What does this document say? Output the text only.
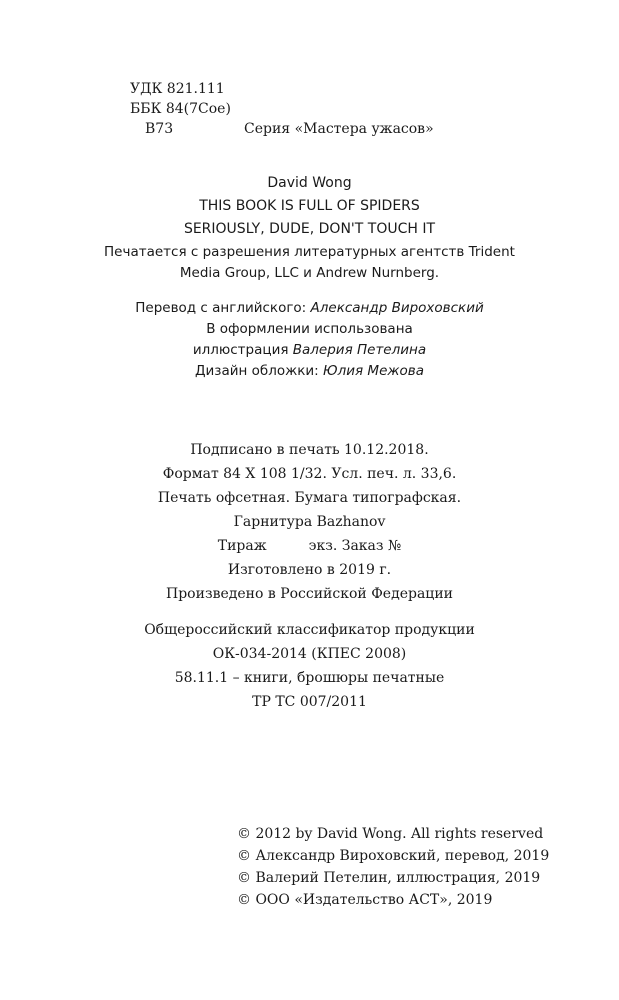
УДК 821.111
ББК 84(7Сое)
В73	Серия «Мастера ужасов»
David Wong
THIS BOOK IS FULL OF SPIDERS
SERIOUSLY, DUDE, DON'T TOUCH IT
Печатается с разрешения литературных агентств Trident
Media Group, LLC и Andrew Nurnberg.
Перевод с английского: Александр Вироховский
В оформлении использована
иллюстрация Валерия Петелина
Дизайн обложки: Юлия Межова
Подписано в печать 10.12.2018.
Формат 84 X 108 1/32. Усл. печ. л. 33,6.
Печать офсетная. Бумага типографская.
Гарнитура Bazhanov
Тираж	экз. Заказ №
Изготовлено в 2019 г.
Произведено в Российской Федерации
Общероссийский классификатор продукции
ОК-034-2014 (КПЕС 2008)
58.11.1 – книги, брошюры печатные
ТР ТС 007/2011
© 2012 by David Wong. All rights reserved
© Александр Вироховский, перевод, 2019
© Валерий Петелин, иллюстрация, 2019
© ООО «Издательство АСТ», 2019
